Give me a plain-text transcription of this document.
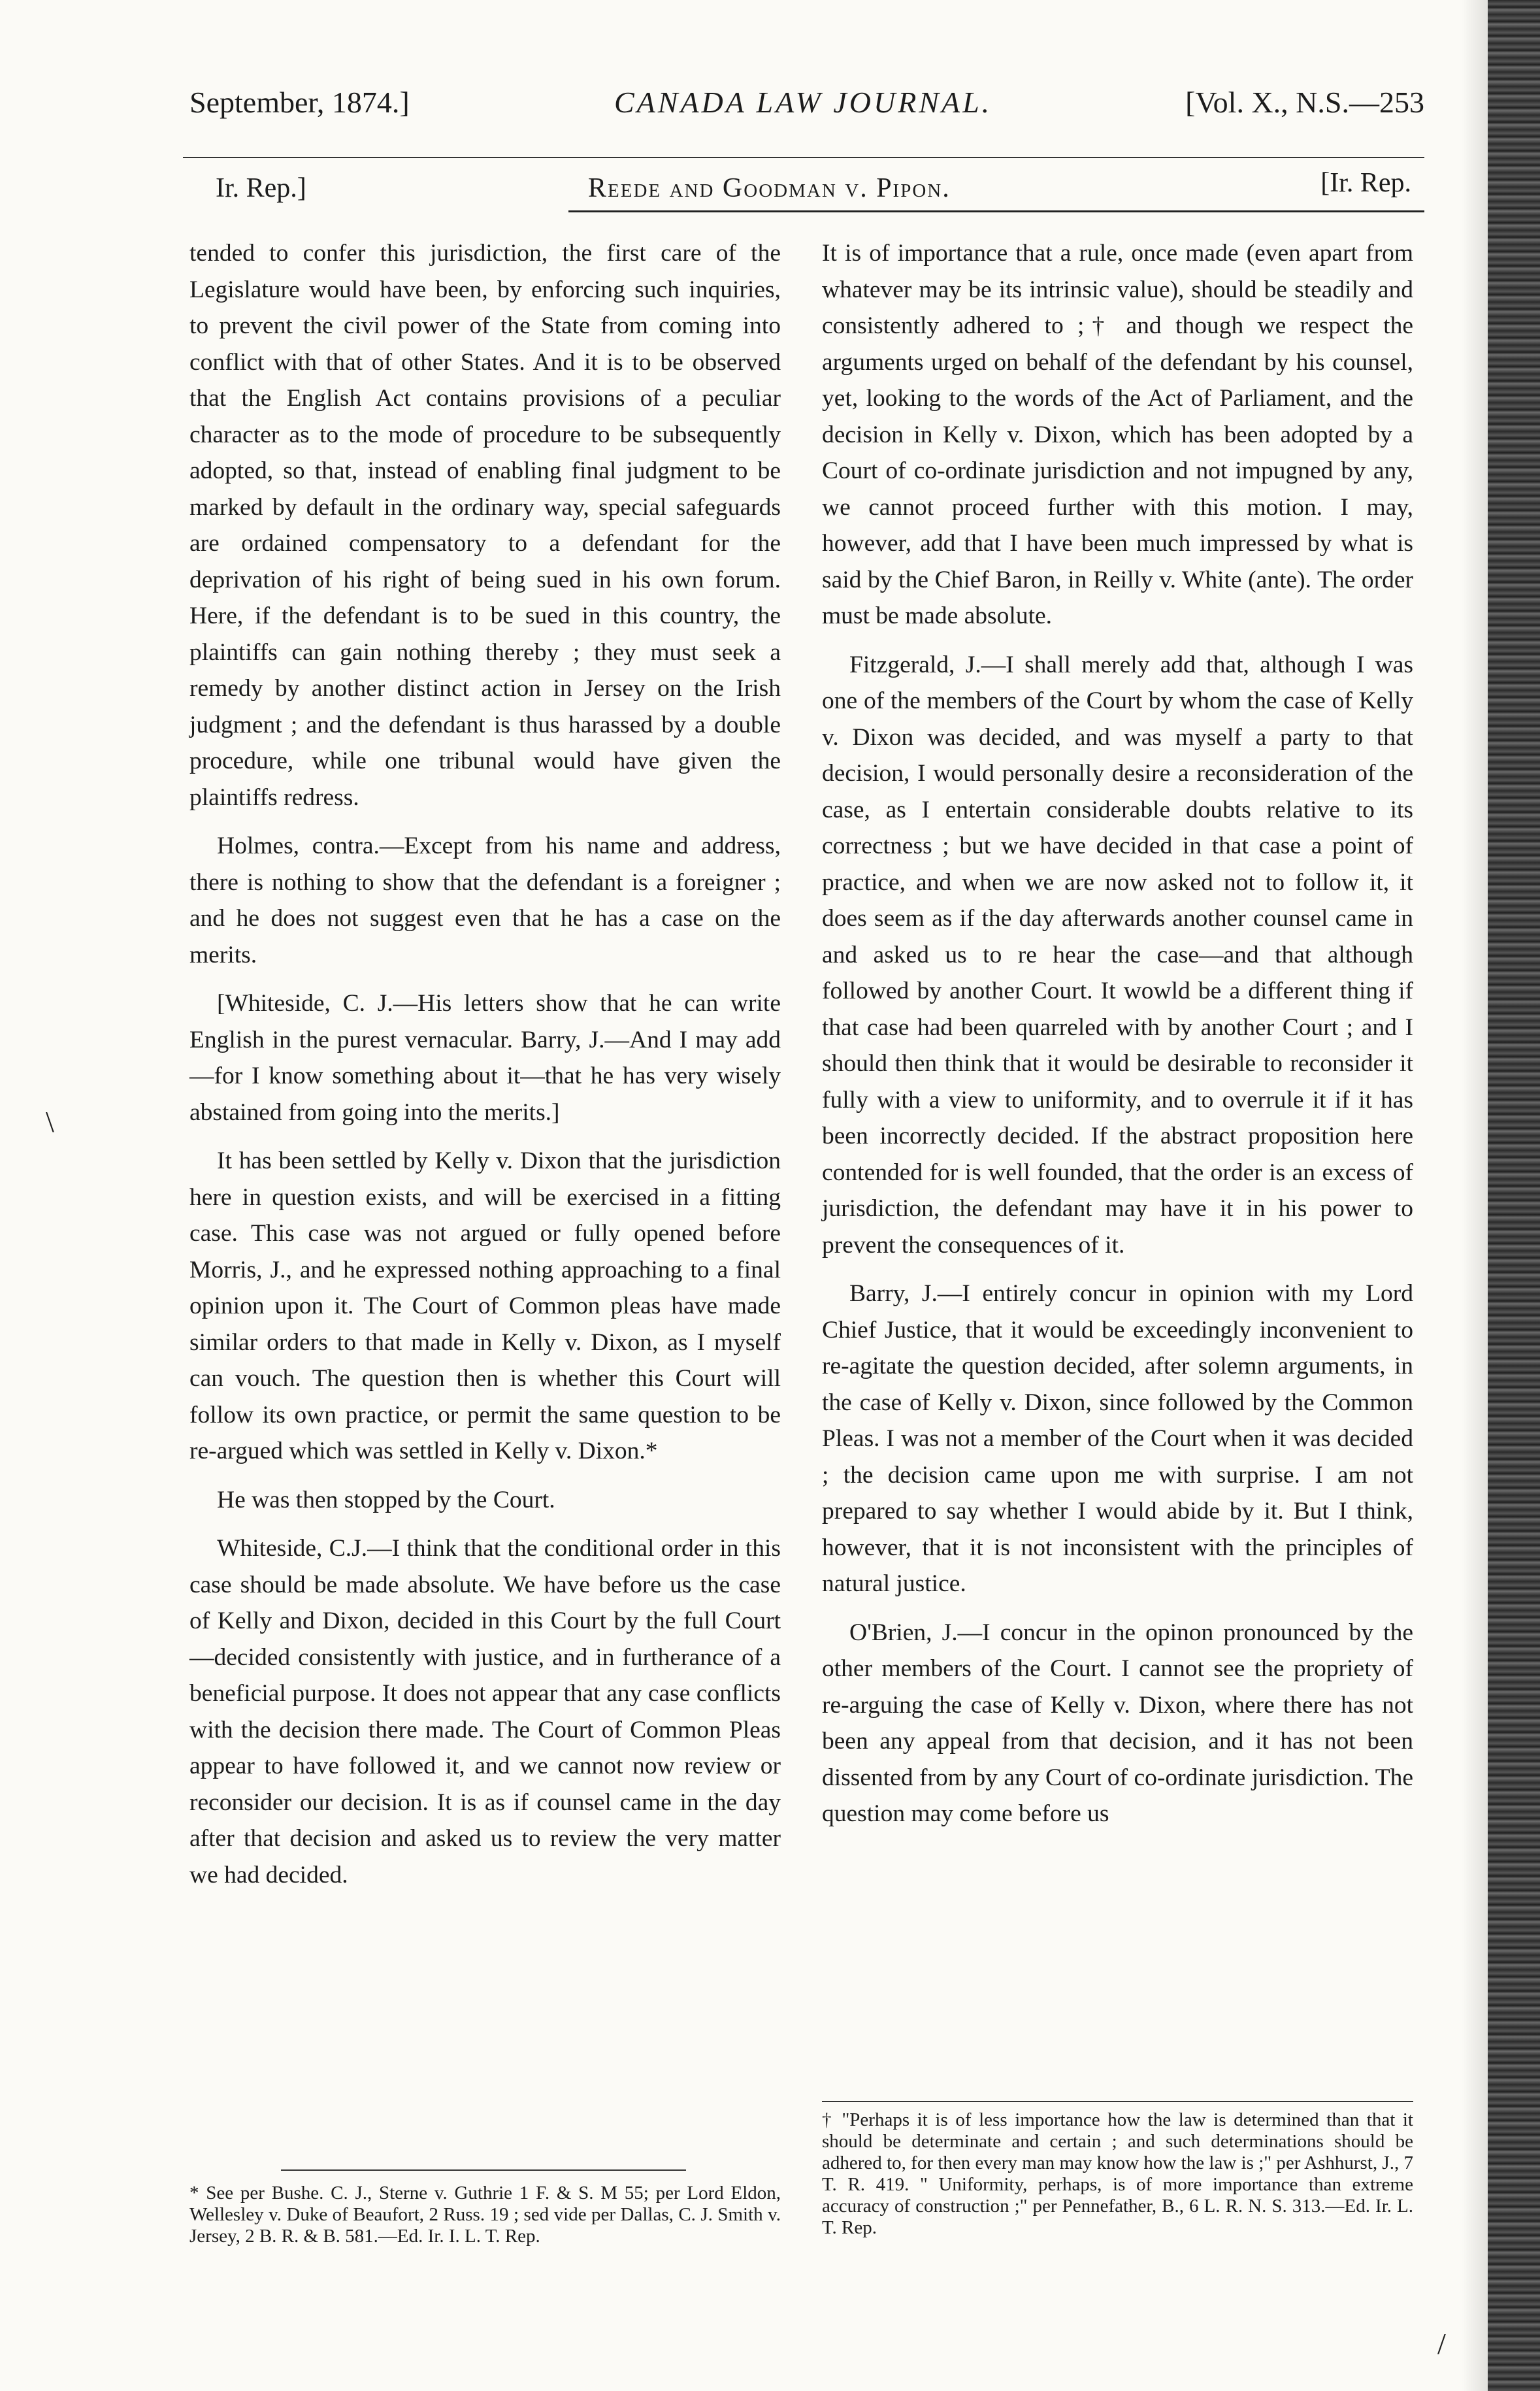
September, 1874.]	CANADA LAW JOURNAL.	[Vol. X., N.S.—253
Ir. Rep.]	Reede and Goodman v. Pipon.	[Ir. Rep.

tended to confer this jurisdiction, the first care of the Legislature would have been, by enforcing such inquiries, to prevent the civil power of the State from coming into conflict with that of other States. And it is to be observed that the English Act contains provisions of a peculiar character as to the mode of procedure to be subsequently adopted, so that, instead of enabling final judgment to be marked by default in the ordinary way, special safeguards are ordained compensatory to a defendant for the deprivation of his right of being sued in his own forum. Here, if the defendant is to be sued in this country, the plaintiffs can gain nothing thereby ; they must seek a remedy by another distinct action in Jersey on the Irish judgment ; and the defendant is thus harassed by a double procedure, while one tribunal would have given the plaintiffs redress.

Holmes, contra.—Except from his name and address, there is nothing to show that the defendant is a foreigner ; and he does not suggest even that he has a case on the merits.

[Whiteside, C. J.—His letters show that he can write English in the purest vernacular. Barry, J.—And I may add—for I know something about it—that he has very wisely abstained from going into the merits.]

It has been settled by Kelly v. Dixon that the jurisdiction here in question exists, and will be exercised in a fitting case. This case was not argued or fully opened before Morris, J., and he expressed nothing approaching to a final opinion upon it. The Court of Common pleas have made similar orders to that made in Kelly v. Dixon, as I myself can vouch. The question then is whether this Court will follow its own practice, or permit the same question to be re-argued which was settled in Kelly v. Dixon.*

He was then stopped by the Court.

Whiteside, C.J.—I think that the conditional order in this case should be made absolute. We have before us the case of Kelly and Dixon, decided in this Court by the full Court —decided consistently with justice, and in furtherance of a beneficial purpose. It does not appear that any case conflicts with the decision there made. The Court of Common Pleas appear to have followed it, and we cannot now review or reconsider our decision. It is as if counsel came in the day after that decision and asked us to review the very matter we had decided.

It is of importance that a rule, once made (even apart from whatever may be its intrinsic value), should be steadily and consistently adhered to ;† and though we respect the arguments urged on behalf of the defendant by his counsel, yet, looking to the words of the Act of Parliament, and the decision in Kelly v. Dixon, which has been adopted by a Court of co-ordinate jurisdiction and not impugned by any, we cannot proceed further with this motion. I may, however, add that I have been much impressed by what is said by the Chief Baron, in Reilly v. White (ante). The order must be made absolute.

Fitzgerald, J.—I shall merely add that, although I was one of the members of the Court by whom the case of Kelly v. Dixon was decided, and was myself a party to that decision, I would personally desire a reconsideration of the case, as I entertain considerable doubts relative to its correctness ; but we have decided in that case a point of practice, and when we are now asked not to follow it, it does seem as if the day afterwards another counsel came in and asked us to re hear the case—and that although followed by another Court. It wowld be a different thing if that case had been quarreled with by another Court ; and I should then think that it would be desirable to reconsider it fully with a view to uniformity, and to overrule it if it has been incorrectly decided. If the abstract proposition here contended for is well founded, that the order is an excess of jurisdiction, the defendant may have it in his power to prevent the consequences of it.

Barry, J.—I entirely concur in opinion with my Lord Chief Justice, that it would be exceedingly inconvenient to re-agitate the question decided, after solemn arguments, in the case of Kelly v. Dixon, since followed by the Common Pleas. I was not a member of the Court when it was decided ; the decision came upon me with surprise. I am not prepared to say whether I would abide by it. But I think, however, that it is not inconsistent with the principles of natural justice.

O'Brien, J.—I concur in the opinon pronounced by the other members of the Court. I cannot see the propriety of re-arguing the case of Kelly v. Dixon, where there has not been any appeal from that decision, and it has not been dissented from by any Court of co-ordinate jurisdiction. The question may come before us

* See per Bushe. C. J., Sterne v. Guthrie 1 F. & S. M 55; per Lord Eldon, Wellesley v. Duke of Beaufort, 2 Russ. 19 ; sed vide per Dallas, C. J. Smith v. Jersey, 2 B. R. & B. 581.—Ed. Ir. I. L. T. Rep.
† "Perhaps it is of less importance how the law is determined than that it should be determinate and certain ; and such determinations should be adhered to, for then every man may know how the law is ;" per Ashhurst, J., 7 T. R. 419. " Uniformity, perhaps, is of more importance than extreme accuracy of construction ;" per Pennefather, B., 6 L. R. N. S. 313.—Ed. Ir. L. T. Rep.
\
/
